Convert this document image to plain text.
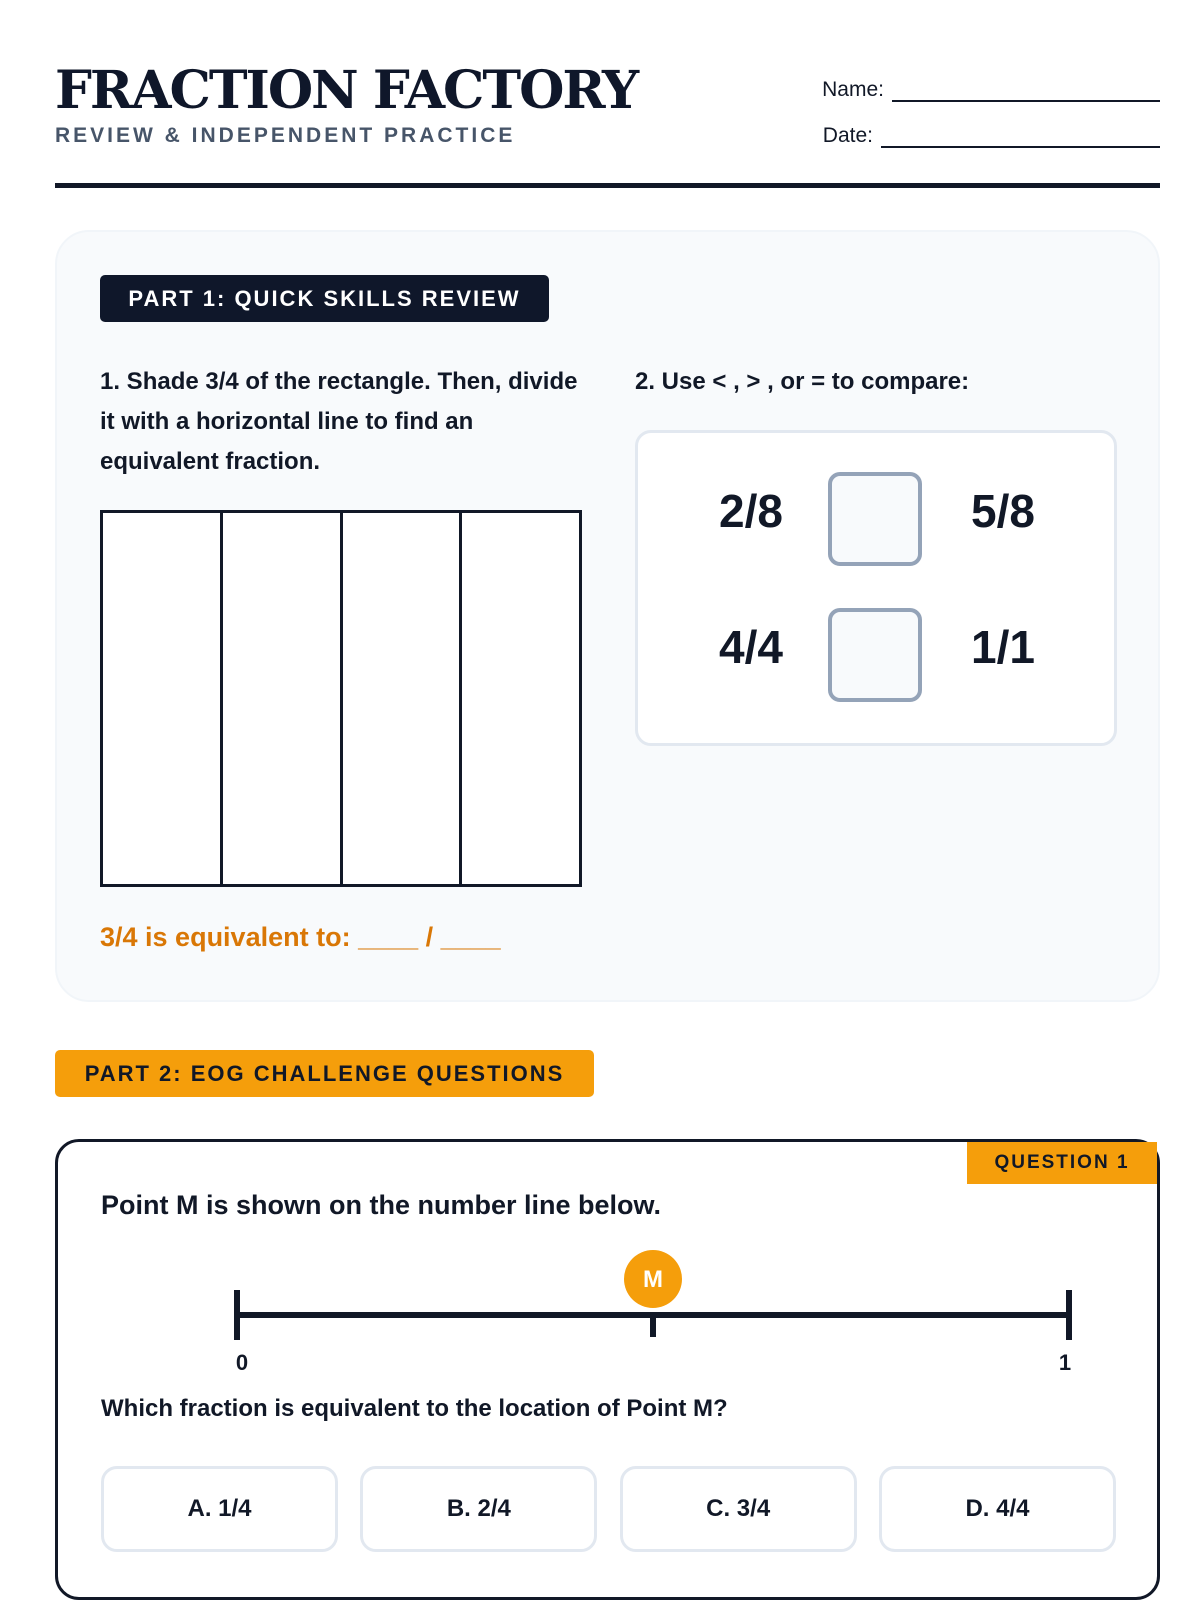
FRACTION FACTORY
REVIEW & INDEPENDENT PRACTICE
Name:
Date:
PART 1: QUICK SKILLS REVIEW
1. Shade 3/4 of the rectangle. Then, divide it with a horizontal line to find an equivalent fraction.
3/4 is equivalent to: ____ / ____
2. Use < , > , or = to compare:
2/8	5/8
4/4	1/1
PART 2: EOG CHALLENGE QUESTIONS
QUESTION 1
Point M is shown on the number line below.
M
0	1
Which fraction is equivalent to the location of Point M?
A. 1/4	B. 2/4	C. 3/4	D. 4/4
